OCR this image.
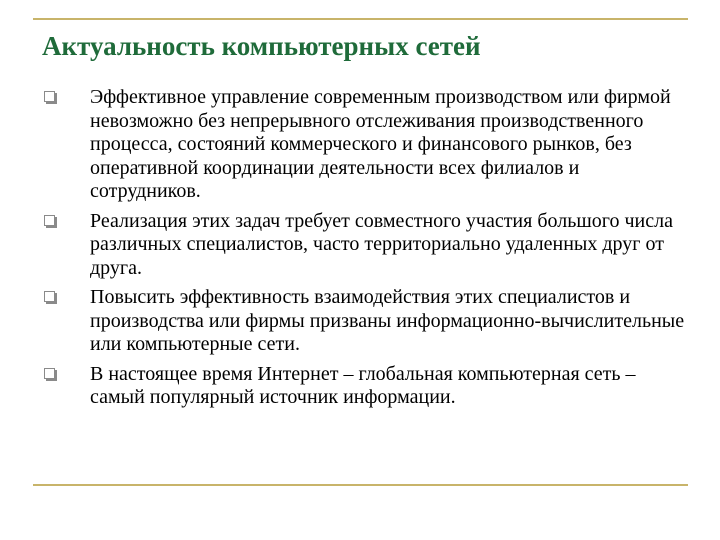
Актуальность компьютерных сетей
Эффективное управление современным производством или фирмой невозможно без непрерывного отслеживания производственного процесса, состояний коммерческого и финансового рынков, без оперативной координации деятельности всех филиалов и сотрудников.
Реализация этих задач требует совместного участия большого числа различных специалистов, часто территориально удаленных друг от друга.
Повысить эффективность взаимодействия этих специалистов и производства или фирмы призваны информационно-вычислительные или компьютерные сети.
В настоящее время Интернет – глобальная компьютерная сеть – самый популярный источник информации.
